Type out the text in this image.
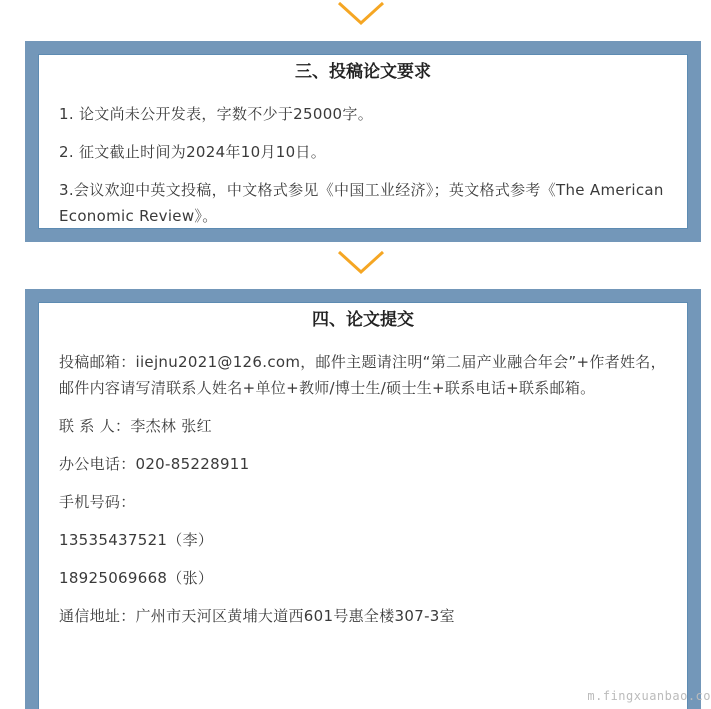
三、投稿论文要求

1. 论文尚未公开发表，字数不少于25000字。

2. 征文截止时间为2024年10月10日。

3.会议欢迎中英文投稿，中文格式参见《中国工业经济》；英文格式参考《The American Economic Review》。

四、论文提交

投稿邮箱：iiejnu2021@126.com，邮件主题请注明“第二届产业融合年会”+作者姓名，邮件内容请写清联系人姓名+单位+教师/博士生/硕士生+联系电话+联系邮箱。

联 系 人：李杰林 张红

办公电话：020-85228911

手机号码：

13535437521（李）

18925069668（张）

通信地址：广州市天河区黄埔大道西601号惠全楼307-3室

m.fingxuanbao.co
